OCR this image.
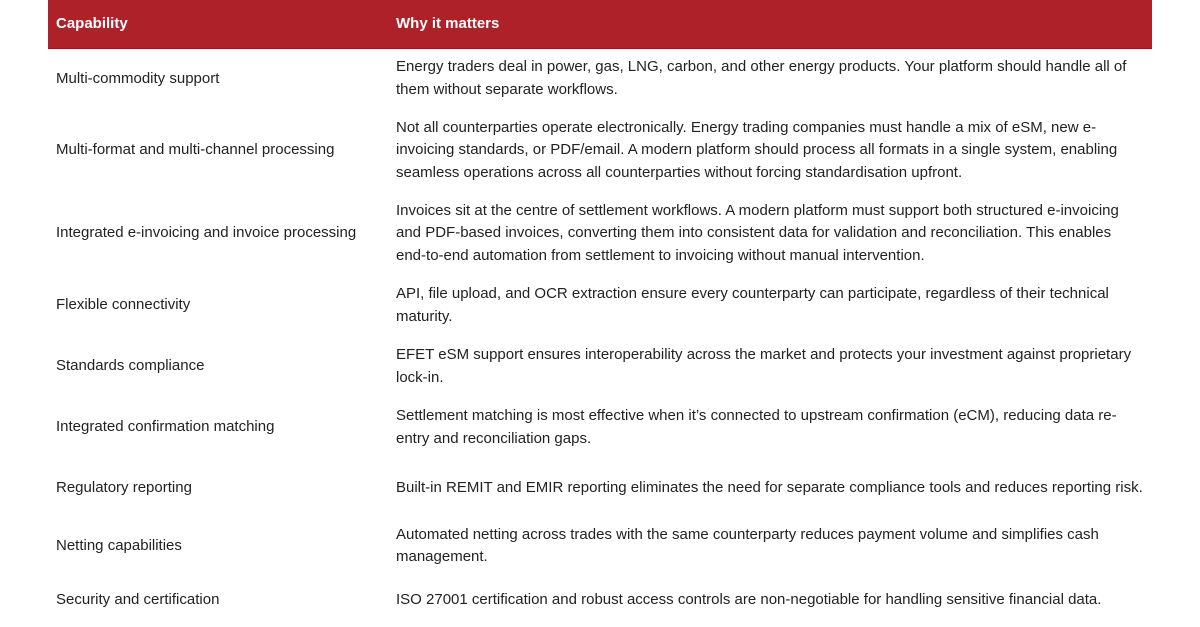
Capability	Why it matters
Multi-commodity support	Energy traders deal in power, gas, LNG, carbon, and other energy products. Your platform should handle all of them without separate workflows.
Multi-format and multi-channel processing	Not all counterparties operate electronically. Energy trading companies must handle a mix of eSM, new e-invoicing standards, or PDF/email. A modern platform should process all formats in a single system, enabling seamless operations across all counterparties without forcing standardisation upfront.
Integrated e-invoicing and invoice processing	Invoices sit at the centre of settlement workflows. A modern platform must support both structured e-invoicing and PDF-based invoices, converting them into consistent data for validation and reconciliation. This enables end-to-end automation from settlement to invoicing without manual intervention.
Flexible connectivity	API, file upload, and OCR extraction ensure every counterparty can participate, regardless of their technical maturity.
Standards compliance	EFET eSM support ensures interoperability across the market and protects your investment against proprietary lock-in.
Integrated confirmation matching	Settlement matching is most effective when it’s connected to upstream confirmation (eCM), reducing data re-entry and reconciliation gaps.
Regulatory reporting	Built-in REMIT and EMIR reporting eliminates the need for separate compliance tools and reduces reporting risk.
Netting capabilities	Automated netting across trades with the same counterparty reduces payment volume and simplifies cash management.
Security and certification	ISO 27001 certification and robust access controls are non-negotiable for handling sensitive financial data.
